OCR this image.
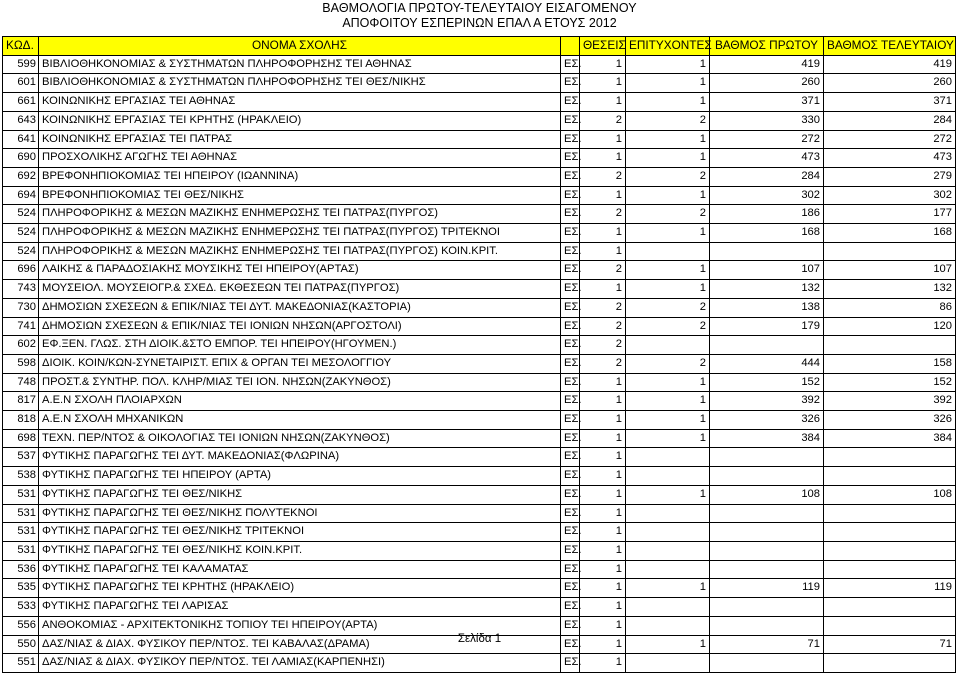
ΒΑΘΜΟΛΟΓΙΑ ΠΡΩΤΟΥ-ΤΕΛΕΥΤΑΙΟΥ ΕΙΣΑΓΟΜΕΝΟΥ
ΑΠΟΦΟΙΤΟΥ ΕΣΠΕΡΙΝΩΝ ΕΠΑΛ Α ΕΤΟΥΣ 2012
ΚΩΔ.	ΟΝΟΜΑ ΣΧΟΛΗΣ		ΘΕΣΕΙΣ	ΕΠΙΤΥΧΟΝΤΕΣ	ΒΑΘΜΟΣ ΠΡΩΤΟΥ	ΒΑΘΜΟΣ ΤΕΛΕΥΤΑΙΟΥ
599	ΒΙΒΛΙΟΘΗΚΟΝΟΜΙΑΣ & ΣΥΣΤΗΜΑΤΩΝ ΠΛΗΡΟΦΟΡΗΣΗΣ ΤΕΙ ΑΘΗΝΑΣ	ΕΣ.	1	1	419	419
601	ΒΙΒΛΙΟΘΗΚΟΝΟΜΙΑΣ & ΣΥΣΤΗΜΑΤΩΝ ΠΛΗΡΟΦΟΡΗΣΗΣ ΤΕΙ ΘΕΣ/ΝΙΚΗΣ	ΕΣ.	1	1	260	260
661	ΚΟΙΝΩΝΙΚΗΣ ΕΡΓΑΣΙΑΣ ΤΕΙ ΑΘΗΝΑΣ	ΕΣ.	1	1	371	371
643	ΚΟΙΝΩΝΙΚΗΣ ΕΡΓΑΣΙΑΣ ΤΕΙ ΚΡΗΤΗΣ (ΗΡΑΚΛΕΙΟ)	ΕΣ.	2	2	330	284
641	ΚΟΙΝΩΝΙΚΗΣ ΕΡΓΑΣΙΑΣ ΤΕΙ ΠΑΤΡΑΣ	ΕΣ.	1	1	272	272
690	ΠΡΟΣΧΟΛΙΚΗΣ ΑΓΩΓΗΣ ΤΕΙ ΑΘΗΝΑΣ	ΕΣ.	1	1	473	473
692	ΒΡΕΦΟΝΗΠΙΟΚΟΜΙΑΣ ΤΕΙ ΗΠΕΙΡΟΥ (ΙΩΑΝΝΙΝΑ)	ΕΣ.	2	2	284	279
694	ΒΡΕΦΟΝΗΠΙΟΚΟΜΙΑΣ ΤΕΙ ΘΕΣ/ΝΙΚΗΣ	ΕΣ.	1	1	302	302
524	ΠΛΗΡΟΦΟΡΙΚΗΣ & ΜΕΣΩΝ ΜΑΖΙΚΗΣ ΕΝΗΜΕΡΩΣΗΣ ΤΕΙ ΠΑΤΡΑΣ(ΠΥΡΓΟΣ)	ΕΣ.	2	2	186	177
524	ΠΛΗΡΟΦΟΡΙΚΗΣ & ΜΕΣΩΝ ΜΑΖΙΚΗΣ ΕΝΗΜΕΡΩΣΗΣ ΤΕΙ ΠΑΤΡΑΣ(ΠΥΡΓΟΣ) ΤΡΙΤΕΚΝΟΙ	ΕΣ.	1	1	168	168
524	ΠΛΗΡΟΦΟΡΙΚΗΣ & ΜΕΣΩΝ ΜΑΖΙΚΗΣ ΕΝΗΜΕΡΩΣΗΣ ΤΕΙ ΠΑΤΡΑΣ(ΠΥΡΓΟΣ) ΚΟΙΝ.ΚΡΙΤ.	ΕΣ.	1			
696	ΛΑΙΚΗΣ & ΠΑΡΑΔΟΣΙΑΚΗΣ ΜΟΥΣΙΚΗΣ ΤΕΙ ΗΠΕΙΡΟΥ(ΑΡΤΑΣ)	ΕΣ.	2	1	107	107
743	ΜΟΥΣΕΙΟΛ. ΜΟΥΣΕΙΟΓΡ.& ΣΧΕΔ. ΕΚΘΕΣΕΩΝ ΤΕΙ ΠΑΤΡΑΣ(ΠΥΡΓΟΣ)	ΕΣ.	1	1	132	132
730	ΔΗΜΟΣΙΩΝ ΣΧΕΣΕΩΝ & ΕΠΙΚ/ΝΙΑΣ ΤΕΙ ΔΥΤ. ΜΑΚΕΔΟΝΙΑΣ(ΚΑΣΤΟΡΙΑ)	ΕΣ.	2	2	138	86
741	ΔΗΜΟΣΙΩΝ ΣΧΕΣΕΩΝ & ΕΠΙΚ/ΝΙΑΣ ΤΕΙ ΙΟΝΙΩΝ ΝΗΣΩΝ(ΑΡΓΟΣΤΟΛΙ)	ΕΣ.	2	2	179	120
602	ΕΦ.ΞΕΝ. ΓΛΩΣ. ΣΤΗ ΔΙΟΙΚ.&ΣΤΟ ΕΜΠΟΡ. ΤΕΙ ΗΠΕΙΡΟΥ(ΗΓΟΥΜΕΝ.)	ΕΣ.	2			
598	ΔΙΟΙΚ. ΚΟΙΝ/ΚΩΝ-ΣΥΝΕΤΑΙΡΙΣΤ. ΕΠΙΧ & ΟΡΓΑΝ ΤΕΙ ΜΕΣΟΛΟΓΓΙΟΥ	ΕΣ.	2	2	444	158
748	ΠΡΟΣΤ.& ΣΥΝΤΗΡ. ΠΟΛ. ΚΛΗΡ/ΜΙΑΣ ΤΕΙ ΙΟΝ. ΝΗΣΩΝ(ΖΑΚΥΝΘΟΣ)	ΕΣ.	1	1	152	152
817	Α.Ε.Ν ΣΧΟΛΗ ΠΛΟΙΑΡΧΩΝ	ΕΣ.	1	1	392	392
818	Α.Ε.Ν ΣΧΟΛΗ ΜΗΧΑΝΙΚΩΝ	ΕΣ.	1	1	326	326
698	ΤΕΧΝ. ΠΕΡ/ΝΤΟΣ & ΟΙΚΟΛΟΓΙΑΣ ΤΕΙ ΙΟΝΙΩΝ ΝΗΣΩΝ(ΖΑΚΥΝΘΟΣ)	ΕΣ.	1	1	384	384
537	ΦΥΤΙΚΗΣ ΠΑΡΑΓΩΓΗΣ ΤΕΙ ΔΥΤ. ΜΑΚΕΔΟΝΙΑΣ(ΦΛΩΡΙΝΑ)	ΕΣ.	1			
538	ΦΥΤΙΚΗΣ ΠΑΡΑΓΩΓΗΣ ΤΕΙ ΗΠΕΙΡΟΥ (ΑΡΤΑ)	ΕΣ.	1			
531	ΦΥΤΙΚΗΣ ΠΑΡΑΓΩΓΗΣ ΤΕΙ ΘΕΣ/ΝΙΚΗΣ	ΕΣ.	1	1	108	108
531	ΦΥΤΙΚΗΣ ΠΑΡΑΓΩΓΗΣ ΤΕΙ ΘΕΣ/ΝΙΚΗΣ ΠΟΛΥΤΕΚΝΟΙ	ΕΣ.	1			
531	ΦΥΤΙΚΗΣ ΠΑΡΑΓΩΓΗΣ ΤΕΙ ΘΕΣ/ΝΙΚΗΣ ΤΡΙΤΕΚΝΟΙ	ΕΣ.	1			
531	ΦΥΤΙΚΗΣ ΠΑΡΑΓΩΓΗΣ ΤΕΙ ΘΕΣ/ΝΙΚΗΣ ΚΟΙΝ.ΚΡΙΤ.	ΕΣ.	1			
536	ΦΥΤΙΚΗΣ ΠΑΡΑΓΩΓΗΣ ΤΕΙ ΚΑΛΑΜΑΤΑΣ	ΕΣ.	1			
535	ΦΥΤΙΚΗΣ ΠΑΡΑΓΩΓΗΣ ΤΕΙ ΚΡΗΤΗΣ (ΗΡΑΚΛΕΙΟ)	ΕΣ.	1	1	119	119
533	ΦΥΤΙΚΗΣ ΠΑΡΑΓΩΓΗΣ ΤΕΙ ΛΑΡΙΣΑΣ	ΕΣ.	1			
556	ΑΝΘΟΚΟΜΙΑΣ - ΑΡΧΙΤΕΚΤΟΝΙΚΗΣ ΤΟΠΙΟΥ ΤΕΙ ΗΠΕΙΡΟΥ(ΑΡΤΑ)	ΕΣ.	1			
550	ΔΑΣ/ΝΙΑΣ & ΔΙΑΧ. ΦΥΣΙΚΟΥ ΠΕΡ/ΝΤΟΣ. ΤΕΙ ΚΑΒΑΛΑΣ(ΔΡΑΜΑ)	ΕΣ.	1	1	71	71
551	ΔΑΣ/ΝΙΑΣ & ΔΙΑΧ. ΦΥΣΙΚΟΥ ΠΕΡ/ΝΤΟΣ. ΤΕΙ ΛΑΜΙΑΣ(ΚΑΡΠΕΝΗΣΙ)	ΕΣ.	1			
Σελίδα 1
